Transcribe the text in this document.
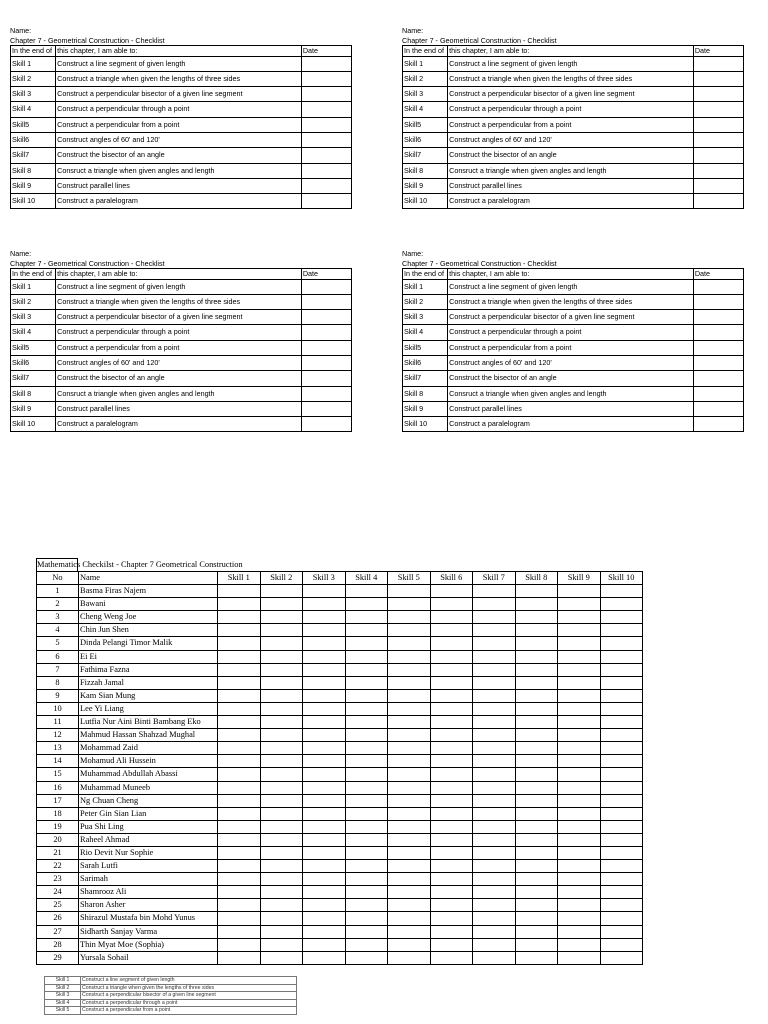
Name:
Chapter 7 - Geometrical Construction - Checklist
In the end of	this chapter, I am able to:	Date
Skill 1	Construct a line segment of given length	
Skill 2	Construct a triangle when given the lengths of three sides	
Skill 3	Construct a perpendicular bisector of a given line segment	
Skill 4	Construct a perpendicular through a point	
Skill5	Construct a perpendicular from a point	
Skill6	Construct angles of 60' and 120'	
Skill7	Construct the bisector of an angle	
Skill 8	Consruct a triangle when given angles and length	
Skill 9	Construct parallel lines	
Skill 10	Construct a paralelogram	
Name:
Chapter 7 - Geometrical Construction - Checklist
In the end of	this chapter, I am able to:	Date
Skill 1	Construct a line segment of given length	
Skill 2	Construct a triangle when given the lengths of three sides	
Skill 3	Construct a perpendicular bisector of a given line segment	
Skill 4	Construct a perpendicular through a point	
Skill5	Construct a perpendicular from a point	
Skill6	Construct angles of 60' and 120'	
Skill7	Construct the bisector of an angle	
Skill 8	Consruct a triangle when given angles and length	
Skill 9	Construct parallel lines	
Skill 10	Construct a paralelogram	
Name:
Chapter 7 - Geometrical Construction - Checklist
In the end of	this chapter, I am able to:	Date
Skill 1	Construct a line segment of given length	
Skill 2	Construct a triangle when given the lengths of three sides	
Skill 3	Construct a perpendicular bisector of a given line segment	
Skill 4	Construct a perpendicular through a point	
Skill5	Construct a perpendicular from a point	
Skill6	Construct angles of 60' and 120'	
Skill7	Construct the bisector of an angle	
Skill 8	Consruct a triangle when given angles and length	
Skill 9	Construct parallel lines	
Skill 10	Construct a paralelogram	
Name:
Chapter 7 - Geometrical Construction - Checklist
In the end of	this chapter, I am able to:	Date
Skill 1	Construct a line segment of given length	
Skill 2	Construct a triangle when given the lengths of three sides	
Skill 3	Construct a perpendicular bisector of a given line segment	
Skill 4	Construct a perpendicular through a point	
Skill5	Construct a perpendicular from a point	
Skill6	Construct angles of 60' and 120'	
Skill7	Construct the bisector of an angle	
Skill 8	Consruct a triangle when given angles and length	
Skill 9	Construct parallel lines	
Skill 10	Construct a paralelogram	
Mathematics Checkilst - Chapter 7 Geometrical Construction
No	Name	Skill 1	Skill 2	Skill 3	Skill 4	Skill 5	Skill 6	Skill 7	Skill 8	Skill 9	Skill 10
1	Basma Firas Najem										
2	Bawani										
3	Cheng Weng Joe										
4	Chin Jun Shen										
5	Dinda Pelangi Timor Malik										
6	Ei Ei										
7	Fathima Fazna										
8	Fizzah Jamal										
9	Kam Sian Mung										
10	Lee Yi Liang										
11	Lutfia Nur Aini Binti Bambang Eko										
12	Mahmud Hassan Shahzad Mughal										
13	Mohammad Zaid										
14	Mohamud Ali Hussein										
15	Muhammad Abdullah Abassi										
16	Muhammad Muneeb										
17	Ng Chuan Cheng										
18	Peter Gin Sian Lian										
19	Pua Shi Ling										
20	Raheel Ahmad										
21	Rio Devit Nur Sophie										
22	Sarah Lutfi										
23	Sarimah										
24	Shamrooz Ali										
25	Sharon Asher										
26	Shirazul Mustafa bin Mohd Yunus										
27	Sidharth Sanjay Varma										
28	Thin Myat Moe (Sophia)										
29	Yursala Sohail										
Skill 1	Construct a line segment of given length
Skill 2	Construct a triangle when given the lengths of three sides
Skill 3	Construct a perpendicular bisector of a given line segment
Skill 4	Construct a perpendicular through a point
Skill 5	Construct a perpendicular from a point
